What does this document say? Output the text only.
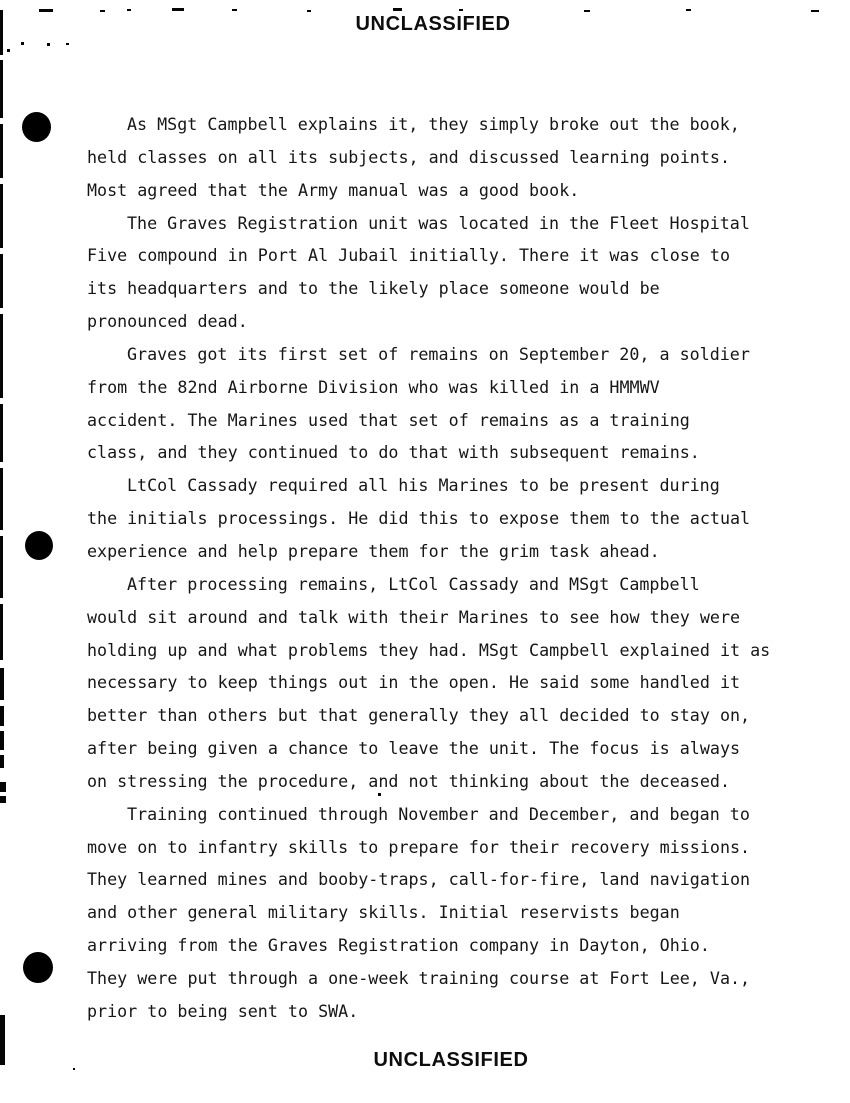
UNCLASSIFIED
As MSgt Campbell explains it, they simply broke out the book,
held classes on all its subjects, and discussed learning points.
Most agreed that the Army manual was a good book.
The Graves Registration unit was located in the Fleet Hospital
Five compound in Port Al Jubail initially. There it was close to
its headquarters and to the likely place someone would be
pronounced dead.
Graves got its first set of remains on September 20, a soldier
from the 82nd Airborne Division who was killed in a HMMWV
accident. The Marines used that set of remains as a training
class, and they continued to do that with subsequent remains.
LtCol Cassady required all his Marines to be present during
the initials processings. He did this to expose them to the actual
experience and help prepare them for the grim task ahead.
After processing remains, LtCol Cassady and MSgt Campbell
would sit around and talk with their Marines to see how they were
holding up and what problems they had. MSgt Campbell explained it as
necessary to keep things out in the open. He said some handled it
better than others but that generally they all decided to stay on,
after being given a chance to leave the unit. The focus is always
on stressing the procedure, and not thinking about the deceased.
Training continued through November and December, and began to
move on to infantry skills to prepare for their recovery missions.
They learned mines and booby-traps, call-for-fire, land navigation
and other general military skills. Initial reservists began
arriving from the Graves Registration company in Dayton, Ohio.
They were put through a one-week training course at Fort Lee, Va.,
prior to being sent to SWA.
UNCLASSIFIED
